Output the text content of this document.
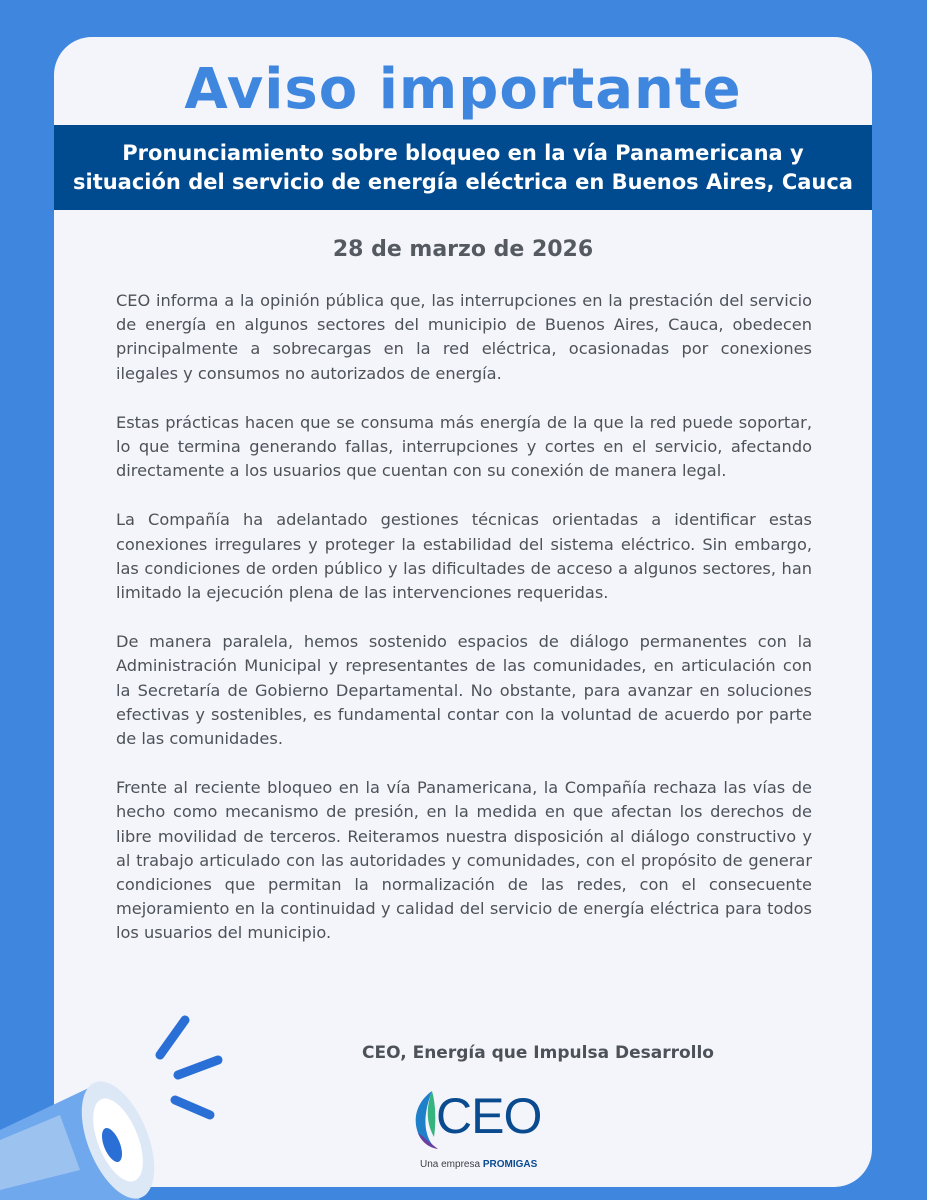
Aviso importante
Pronunciamiento sobre bloqueo en la vía Panamericana y
situación del servicio de energía eléctrica en Buenos Aires, Cauca
28 de marzo de 2026

CEO informa a la opinión pública que, las interrupciones en la prestación del servicio de energía en algunos sectores del municipio de Buenos Aires, Cauca, obedecen principalmente a sobrecargas en la red eléctrica, ocasionadas por conexiones ilegales y consumos no autorizados de energía.

Estas prácticas hacen que se consuma más energía de la que la red puede soportar, lo que termina generando fallas, interrupciones y cortes en el servicio, afectando directamente a los usuarios que cuentan con su conexión de manera legal.

La Compañía ha adelantado gestiones técnicas orientadas a identificar estas conexiones irregulares y proteger la estabilidad del sistema eléctrico. Sin embargo, las condiciones de orden público y las dificultades de acceso a algunos sectores, han limitado la ejecución plena de las intervenciones requeridas.

De manera paralela, hemos sostenido espacios de diálogo permanentes con la Administración Municipal y representantes de las comunidades, en articulación con la Secretaría de Gobierno Departamental. No obstante, para avanzar en soluciones efectivas y sostenibles, es fundamental contar con la voluntad de acuerdo por parte de las comunidades.

Frente al reciente bloqueo en la vía Panamericana, la Compañía rechaza las vías de hecho como mecanismo de presión, en la medida en que afectan los derechos de libre movilidad de terceros. Reiteramos nuestra disposición al diálogo constructivo y al trabajo articulado con las autoridades y comunidades, con el propósito de generar condiciones que permitan la normalización de las redes, con el consecuente mejoramiento en la continuidad y calidad del servicio de energía eléctrica para todos los usuarios del municipio.

CEO, Energía que Impulsa Desarrollo
CEO
Una empresa PROMIGAS
